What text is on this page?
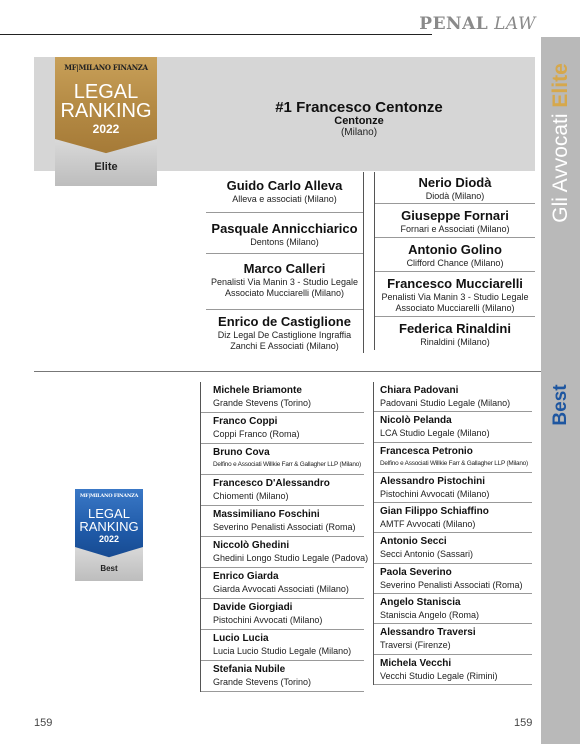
PENAL LAW
Gli Avvocati Elite
Best
MF|MILANO FINANZA
LEGAL
RANKING
2022
Elite
#1 Francesco Centonze
Centonze
(Milano)
Guido Carlo Alleva
Alleva e associati (Milano)
Pasquale Annicchiarico
Dentons (Milano)
Marco Calleri
Penalisti Via Manin 3 - Studio Legale Associato Mucciarelli (Milano)
Enrico de Castiglione
Diz Legal De Castiglione Ingraffia Zanchi E Associati (Milano)
Nerio Diodà
Diodà (Milano)
Giuseppe Fornari
Fornari e Associati (Milano)
Antonio Golino
Clifford Chance (Milano)
Francesco Mucciarelli
Penalisti Via Manin 3 - Studio Legale Associato Mucciarelli (Milano)
Federica Rinaldini
Rinaldini (Milano)
MF|MILANO FINANZA
LEGAL
RANKING
2022
Best
Michele Briamonte
Grande Stevens (Torino)
Franco Coppi
Coppi Franco (Roma)
Bruno Cova
Delfino e Associati Willkie Farr & Gallagher LLP (Milano)
Francesco D'Alessandro
Chiomenti (Milano)
Massimiliano Foschini
Severino Penalisti Associati (Roma)
Niccolò Ghedini
Ghedini Longo Studio Legale (Padova)
Enrico Giarda
Giarda Avvocati Associati (Milano)
Davide Giorgiadi
Pistochini Avvocati (Milano)
Lucio Lucia
Lucia Lucio Studio Legale (Milano)
Stefania Nubile
Grande Stevens (Torino)
Chiara Padovani
Padovani Studio Legale (Milano)
Nicolò Pelanda
LCA Studio Legale (Milano)
Francesca Petronio
Delfino e Associati Willkie Farr & Gallagher LLP (Milano)
Alessandro Pistochini
Pistochini Avvocati (Milano)
Gian Filippo Schiaffino
AMTF Avvocati (Milano)
Antonio Secci
Secci Antonio (Sassari)
Paola Severino
Severino Penalisti Associati (Roma)
Angelo Staniscia
Staniscia Angelo (Roma)
Alessandro Traversi
Traversi (Firenze)
Michela Vecchi
Vecchi Studio Legale (Rimini)
159	159
